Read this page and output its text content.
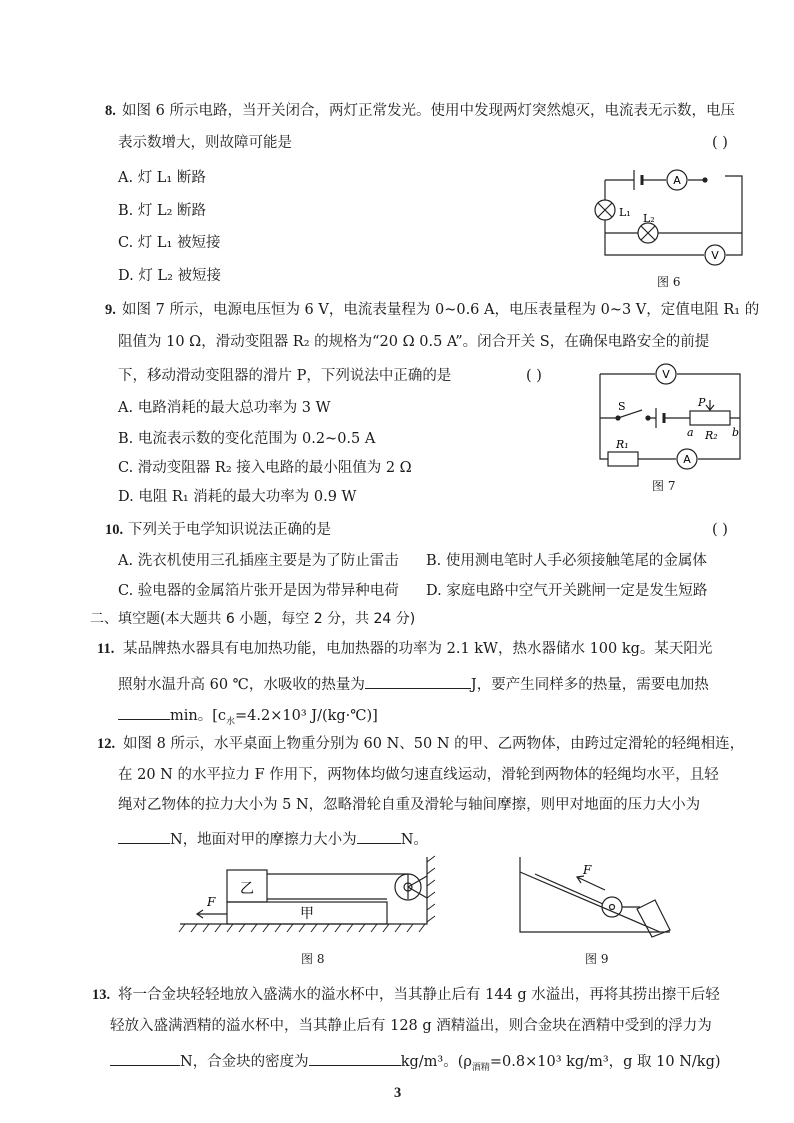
8. 如图 6 所示电路，当开关闭合，两灯正常发光。使用中发现两灯突然熄灭，电流表无示数，电压
表示数增大，则故障可能是	( )
A. 灯 L₁ 断路
B. 灯 L₂ 断路
C. 灯 L₁ 被短接
D. 灯 L₂ 被短接
A
V
L₁ L₂
图 6
9. 如图 7 所示，电源电压恒为 6 V，电流表量程为 0~0.6 A，电压表量程为 0~3 V，定值电阻 R₁ 的
阻值为 10 Ω，滑动变阻器 R₂ 的规格为“20 Ω 0.5 A”。闭合开关 S，在确保电路安全的前提
下，移动滑动变阻器的滑片 P，下列说法中正确的是	( )
A. 电路消耗的最大总功率为 3 W
B. 电流表示数的变化范围为 0.2~0.5 A
C. 滑动变阻器 R₂ 接入电路的最小阻值为 2 Ω
D. 电阻 R₁ 消耗的最大功率为 0.9 W
V
A
S	P
a	b
R₂
R₁
图 7
10. 下列关于电学知识说法正确的是	( )
A. 洗衣机使用三孔插座主要是为了防止雷击 B. 使用测电笔时人手必须接触笔尾的金属体
C. 验电器的金属箔片张开是因为带异种电荷 D. 家庭电路中空气开关跳闸一定是发生短路
二、填空题(本大题共 6 小题，每空 2 分，共 24 分)
11. 某品牌热水器具有电加热功能，电加热器的功率为 2.1 kW，热水器储水 100 kg。某天阳光
照射水温升高 60 ℃，水吸收的热量为	J，要产生同样多的热量，需要电加热
min。[$c_水=4.2\times 10^3$ J/(kg·℃)]
12. 如图 8 所示，水平桌面上物重分别为 60 N、50 N 的甲、乙两物体，由跨过定滑轮的轻绳相连，
在 20 N 的水平拉力 F 作用下，两物体均做匀速直线运动，滑轮到两物体的轻绳均水平，且轻
绳对乙物体的拉力大小为 5 N，忽略滑轮自重及滑轮与轴间摩擦，则甲对地面的压力大小为
N，地面对甲的摩擦力大小为	N。
乙
甲
F
图 8
F
图 9
13. 将一合金块轻轻地放入盛满水的溢水杯中，当其静止后有 144 g 水溢出，再将其捞出擦干后轻
轻放入盛满酒精的溢水杯中，当其静止后有 128 g 酒精溢出，则合金块在酒精中受到的浮力为
N，合金块的密度为	kg/m³。($\rho_{酒精}=0.8\times 10^3$ kg/m³，g 取 10 N/kg)
3
